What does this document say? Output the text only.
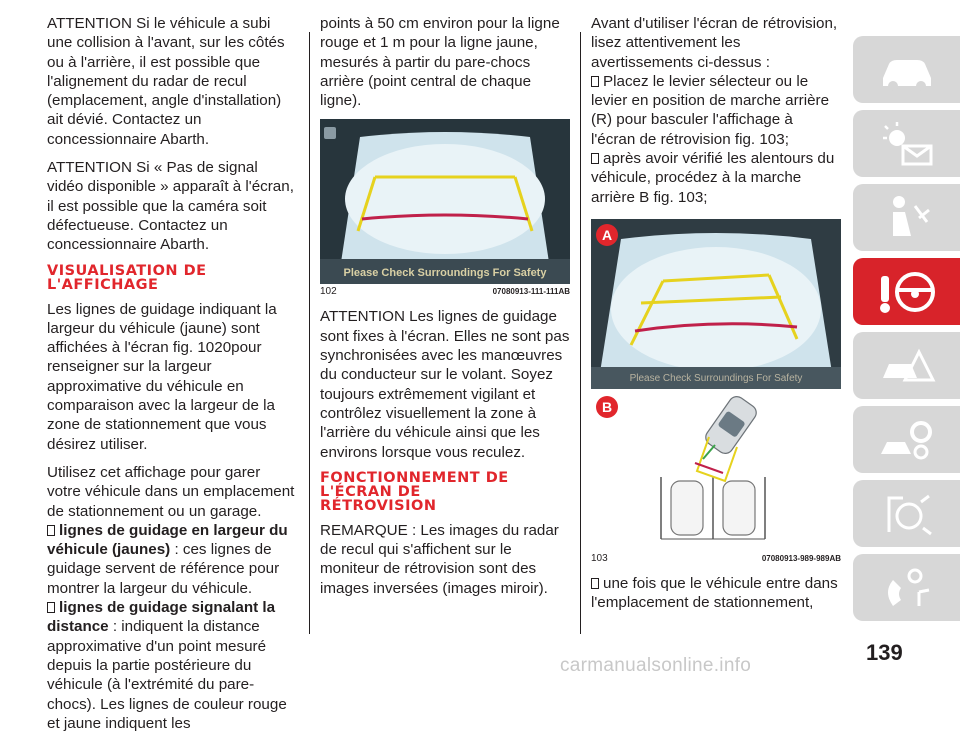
ATTENTION Si le véhicule a subi une collision à l'avant, sur les côtés ou à l'arrière, il est possible que l'alignement du radar de recul (emplacement, angle d'installation) ait dévié. Contactez un concessionnaire Abarth.

ATTENTION Si « Pas de signal vidéo disponible » apparaît à l'écran, il est possible que la caméra soit défectueuse. Contactez un concessionnaire Abarth.

VISUALISATION DE
L'AFFICHAGE

Les lignes de guidage indiquant la largeur du véhicule (jaune) sont affichées à l'écran fig. 1020pour renseigner sur la largeur approximative du véhicule en comparaison avec la largeur de la zone de stationnement que vous désirez utiliser.

Utilisez cet affichage pour garer votre véhicule dans un emplacement de stationnement ou un garage.

lignes de guidage en largeur du véhicule (jaunes) : ces lignes de guidage servent de référence pour montrer la largeur du véhicule.

lignes de guidage signalant la distance : indiquent la distance approximative d'un point mesuré depuis la partie postérieure du véhicule (à l'extrémité du pare-chocs). Les lignes de couleur rouge et jaune indiquent les

points à 50 cm environ pour la ligne rouge et 1 m pour la ligne jaune, mesurés à partir du pare-chocs arrière (point central de chaque ligne).

Please Check Surroundings For Safety
102	07080913-111-111AB

ATTENTION Les lignes de guidage sont fixes à l'écran. Elles ne sont pas synchronisées avec les manœuvres du conducteur sur le volant. Soyez toujours extrêmement vigilant et contrôlez visuellement la zone à l'arrière du véhicule ainsi que les environs lorsque vous reculez.

FONCTIONNEMENT DE
L'ÉCRAN DE
RÉTROVISION

REMARQUE : Les images du radar de recul qui s'affichent sur le moniteur de rétrovision sont des images inversées (images miroir).

Avant d'utiliser l'écran de rétrovision, lisez attentivement les avertissements ci-dessus :

Placez le levier sélecteur ou le levier en position de marche arrière (R) pour basculer l'affichage à l'écran de rétrovision fig. 103;

après avoir vérifié les alentours du véhicule, procédez à la marche arrière B fig. 103;

Please Check Surroundings For Safety
A
B
103	07080913-989-989AB

une fois que le véhicule entre dans l'emplacement de stationnement,

139
carmanualsonline.info
